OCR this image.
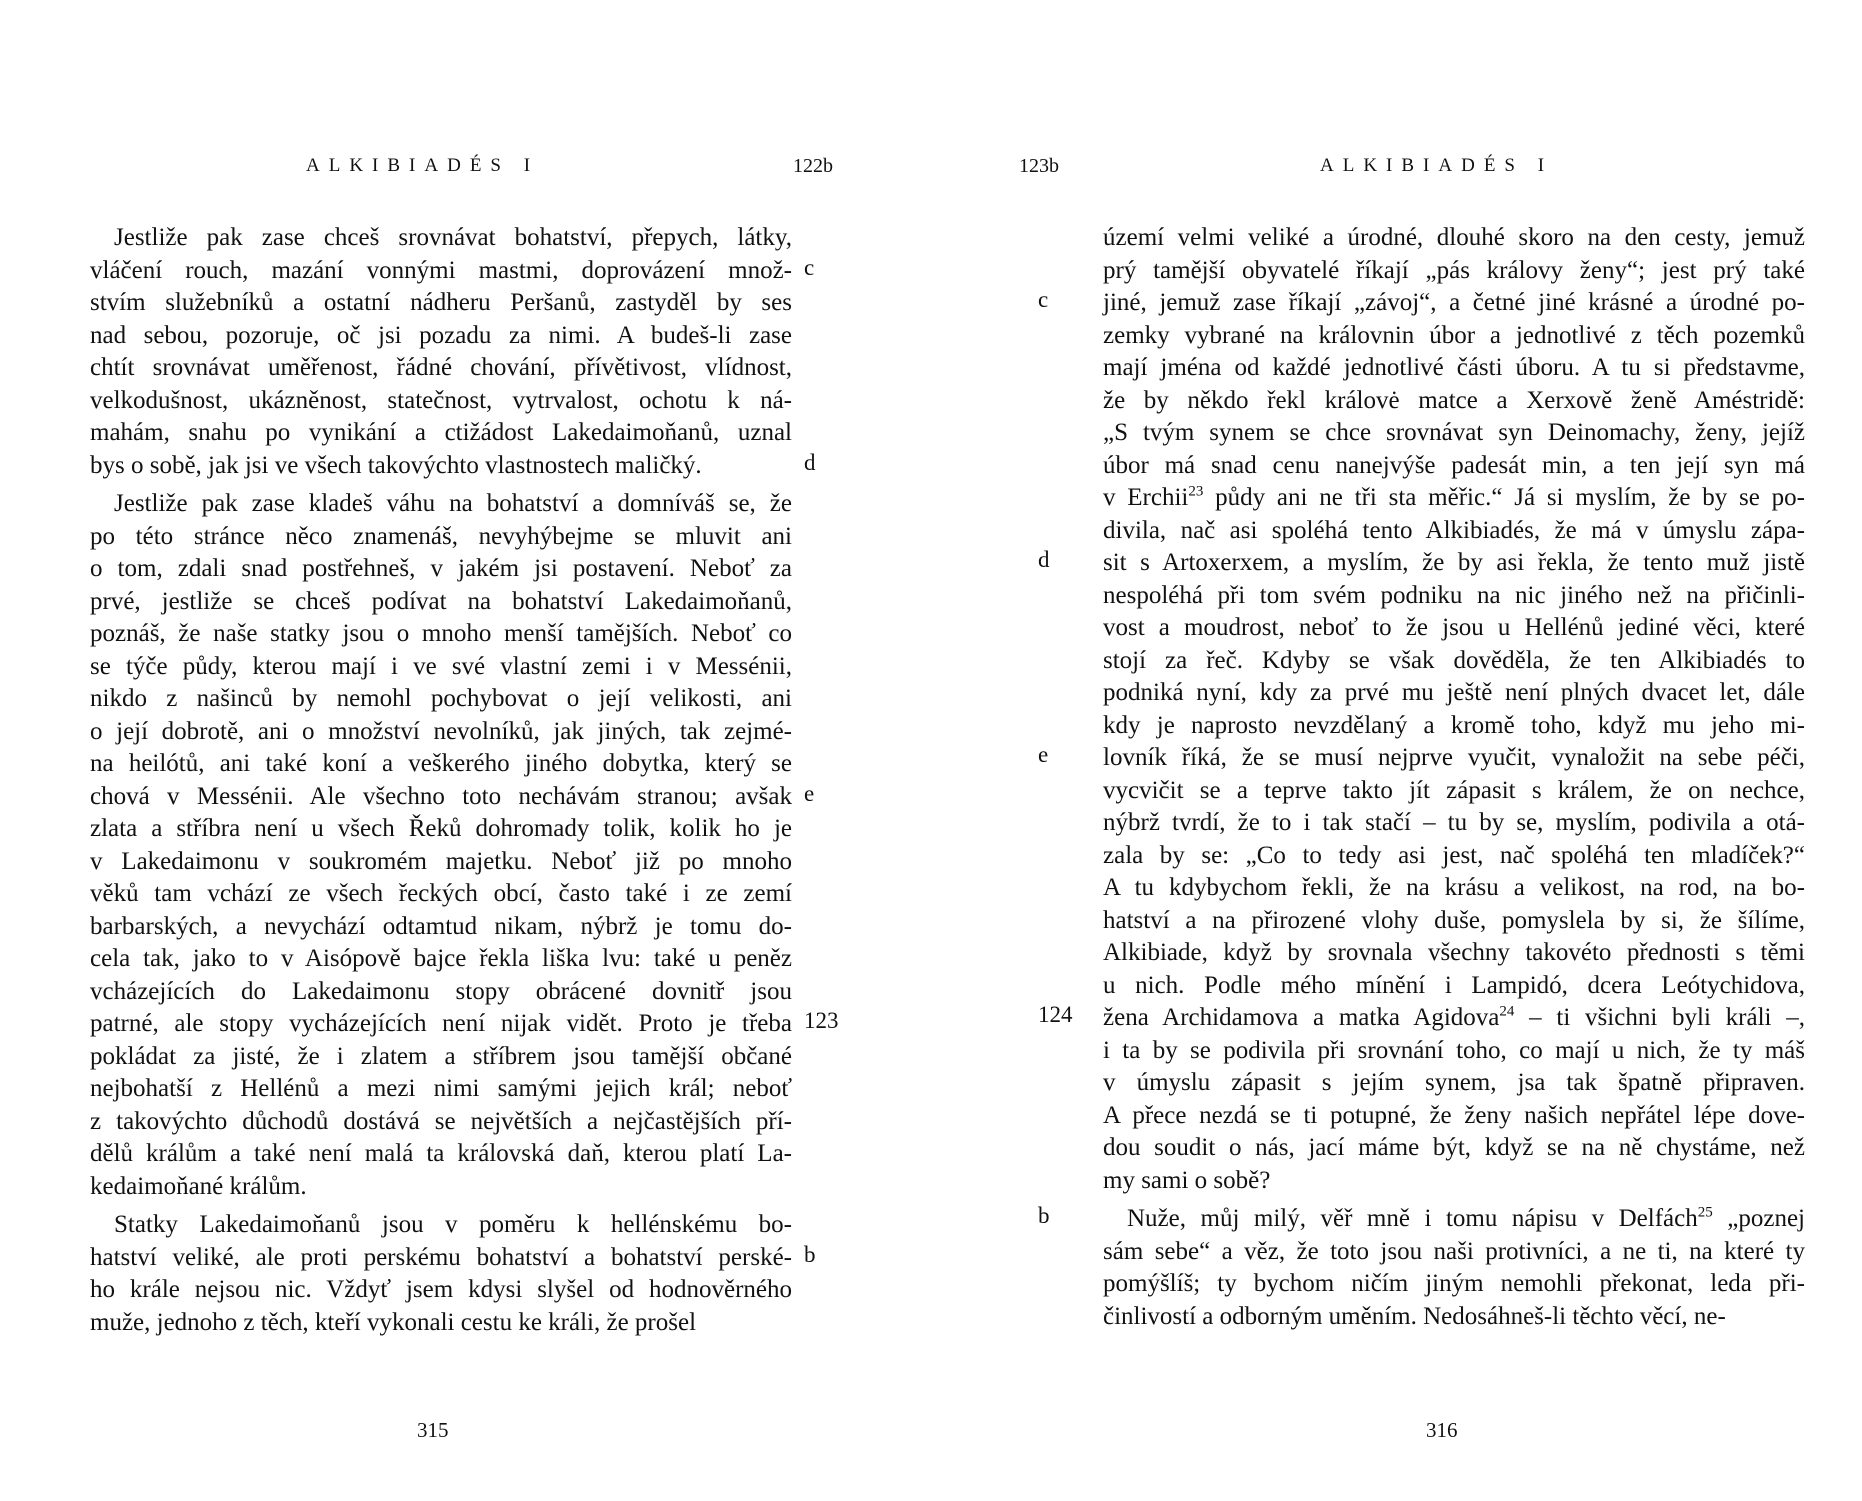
ALKIBIADÉS I	122b

Jestliže pak zase chceš srovnávat bohatství, přepych, látky,
vláčení rouch, mazání vonnými mastmi, doprovázení množ-
stvím služebníků a ostatní nádheru Peršanů, zastyděl by ses
nad sebou, pozoruje, oč jsi pozadu za nimi. A budeš-li zase
chtít srovnávat uměřenost, řádné chování, přívětivost, vlídnost,
velkodušnost, ukázněnost, statečnost, vytrvalost, ochotu k ná-
mahám, snahu po vynikání a ctižádost Lakedaimoňanů, uznal
bys o sobě, jak jsi ve všech takovýchto vlastnostech maličký.

Jestliže pak zase kladeš váhu na bohatství a domníváš se, že
po této stránce něco znamenáš, nevyhýbejme se mluvit ani
o tom, zdali snad postřehneš, v jakém jsi postavení. Neboť za
prvé, jestliže se chceš podívat na bohatství Lakedaimoňanů,
poznáš, že naše statky jsou o mnoho menší tamějších. Neboť co
se týče půdy, kterou mají i ve své vlastní zemi i v Messénii,
nikdo z našinců by nemohl pochybovat o její velikosti, ani
o její dobrotě, ani o množství nevolníků, jak jiných, tak zejmé-
na heilótů, ani také koní a veškerého jiného dobytka, který se
chová v Messénii. Ale všechno toto nechávám stranou; avšak
zlata a stříbra není u všech Řeků dohromady tolik, kolik ho je
v Lakedaimonu v soukromém majetku. Neboť již po mnoho
věků tam vchází ze všech řeckých obcí, často také i ze zemí
barbarských, a nevychází odtamtud nikam, nýbrž je tomu do-
cela tak, jako to v Aisópově bajce řekla liška lvu: také u peněz
vcházejících do Lakedaimonu stopy obrácené dovnitř jsou
patrné, ale stopy vycházejících není nijak vidět. Proto je třeba
pokládat za jisté, že i zlatem a stříbrem jsou tamější občané
nejbohatší z Hellénů a mezi nimi samými jejich král; neboť
z takovýchto důchodů dostává se největších a nejčastějších pří-
dělů králům a také není malá ta královská daň, kterou platí La-
kedaimoňané králům.

Statky Lakedaimoňanů jsou v poměru k hellénskému bo-
hatství veliké, ale proti perskému bohatství a bohatství perské-
ho krále nejsou nic. Vždyť jsem kdysi slyšel od hodnověrného
muže, jednoho z těch, kteří vykonali cestu ke králi, že prošel

315
c
d
e
123
b
123b	ALKIBIADÉS I

území velmi veliké a úrodné, dlouhé skoro na den cesty, jemuž
prý tamější obyvatelé říkají „pás královy ženy“; jest prý také
jiné, jemuž zase říkají „závoj“, a četné jiné krásné a úrodné po-
zemky vybrané na královnin úbor a jednotlivé z těch pozemků
mají jména od každé jednotlivé části úboru. A tu si představme,
že by někdo řekl královė matce a Xerxově ženě Améstridě:
„S tvým synem se chce srovnávat syn Deinomachy, ženy, jejíž
úbor má snad cenu nanejvýše padesát min, a ten její syn má
v Erchii$^{23}$ půdy ani ne tři sta měřic.“ Já si myslím, že by se po-
divila, nač asi spoléhá tento Alkibiadés, že má v úmyslu zápa-
sit s Artoxerxem, a myslím, že by asi řekla, že tento muž jistě
nespoléhá při tom svém podniku na nic jiného než na přičinli-
vost a moudrost, neboť to že jsou u Hellénů jediné věci, které
stojí za řeč. Kdyby se však dověděla, že ten Alkibiadés to
podniká nyní, kdy za prvé mu ještě není plných dvacet let, dále
kdy je naprosto nevzdělaný a kromě toho, když mu jeho mi-
lovník říká, že se musí nejprve vyučit, vynaložit na sebe péči,
vycvičit se a teprve takto jít zápasit s králem, že on nechce,
nýbrž tvrdí, že to i tak stačí – tu by se, myslím, podivila a otá-
zala by se: „Co to tedy asi jest, nač spoléhá ten mladíček?“
A tu kdybychom řekli, že na krásu a velikost, na rod, na bo-
hatství a na přirozené vlohy duše, pomyslela by si, že šílíme,
Alkibiade, když by srovnala všechny takovéto přednosti s těmi
u nich. Podle mého mínění i Lampidó, dcera Leótychidova,
žena Archidamova a matka Agidova$^{24}$ – ti všichni byli králi –,
i ta by se podivila při srovnání toho, co mají u nich, že ty máš
v úmyslu zápasit s jejím synem, jsa tak špatně připraven.
A přece nezdá se ti potupné, že ženy našich nepřátel lépe dove-
dou soudit o nás, jací máme být, když se na ně chystáme, než
my sami o sobě?

Nuže, můj milý, věř mně i tomu nápisu v Delfách$^{25}$ „poznej
sám sebe“ a věz, že toto jsou naši protivníci, a ne ti, na které ty
pomýšlíš; ty bychom ničím jiným nemohli překonat, leda při-
činlivostí a odborným uměním. Nedosáhneš-li těchto věcí, ne-

316
c
d
e
124
b
